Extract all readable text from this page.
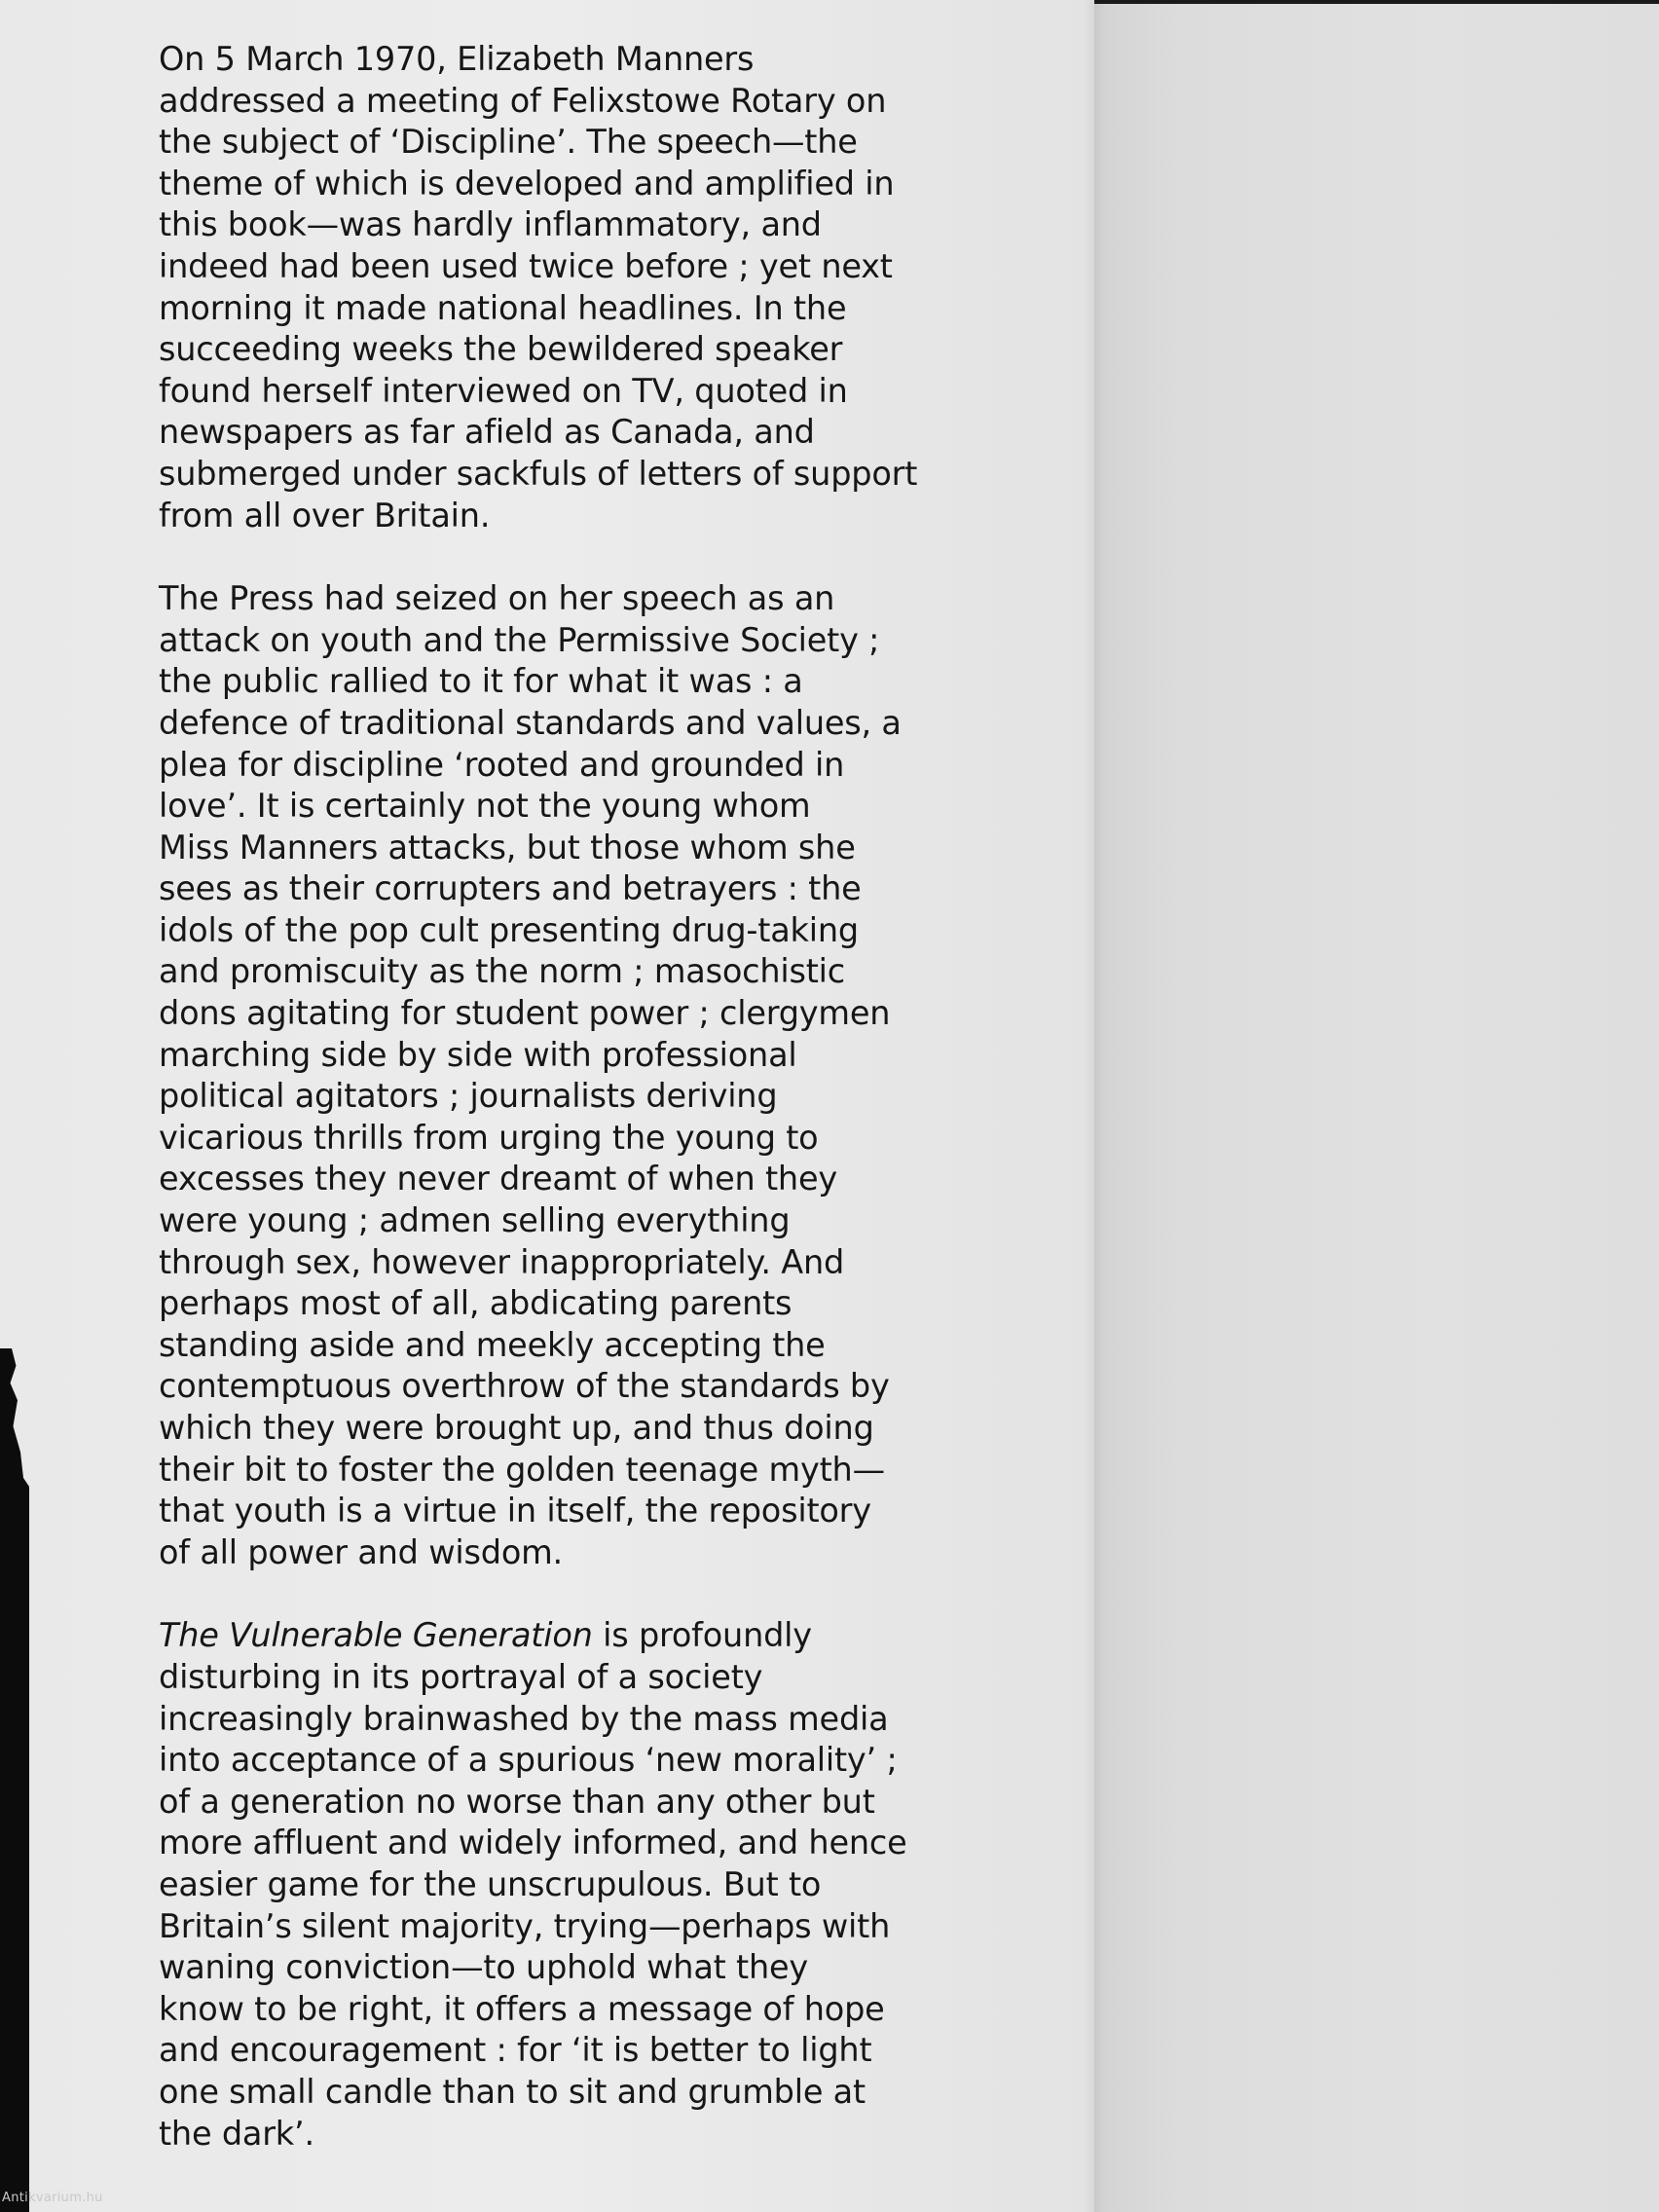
On 5 March 1970, Elizabeth Manners
addressed a meeting of Felixstowe Rotary on
the subject of ‘Discipline’. The speech—the
theme of which is developed and amplified in
this book—was hardly inflammatory, and
indeed had been used twice before ; yet next
morning it made national headlines. In the
succeeding weeks the bewildered speaker
found herself interviewed on TV, quoted in
newspapers as far afield as Canada, and
submerged under sackfuls of letters of support
from all over Britain.

The Press had seized on her speech as an
attack on youth and the Permissive Society ;
the public rallied to it for what it was : a
defence of traditional standards and values, a
plea for discipline ‘rooted and grounded in
love’. It is certainly not the young whom
Miss Manners attacks, but those whom she
sees as their corrupters and betrayers : the
idols of the pop cult presenting drug-taking
and promiscuity as the norm ; masochistic
dons agitating for student power ; clergymen
marching side by side with professional
political agitators ; journalists deriving
vicarious thrills from urging the young to
excesses they never dreamt of when they
were young ; admen selling everything
through sex, however inappropriately. And
perhaps most of all, abdicating parents
standing aside and meekly accepting the
contemptuous overthrow of the standards by
which they were brought up, and thus doing
their bit to foster the golden teenage myth—
that youth is a virtue in itself, the repository
of all power and wisdom.

The Vulnerable Generation is profoundly
disturbing in its portrayal of a society
increasingly brainwashed by the mass media
into acceptance of a spurious ‘new morality’ ;
of a generation no worse than any other but
more affluent and widely informed, and hence
easier game for the unscrupulous. But to
Britain’s silent majority, trying—perhaps with
waning conviction—to uphold what they
know to be right, it offers a message of hope
and encouragement : for ‘it is better to light
one small candle than to sit and grumble at
the dark’.

Antikvarium.hu
